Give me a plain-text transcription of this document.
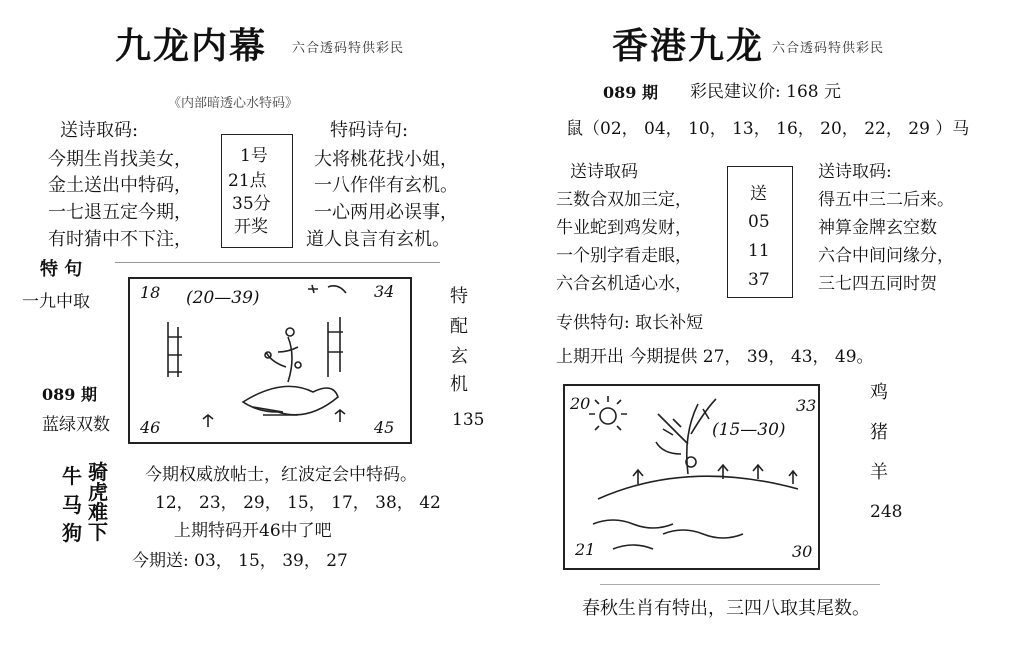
九龙内幕 六合透码特供彩民
《内部暗透心水特码》
送诗取码:	特码诗句:
今期生肖找美女，
金土送出中特码，
一七退五定今期，
有时猜中不下注，
1号
21点
35分
开奖
大将桃花找小姐，
一八作伴有玄机。
一心两用必误事，
道人良言有玄机。
特 句
一九中取
089 期
蓝绿双数
18	34
46	45
(20—39)	特
配
玄
机
135
牛
马
狗
骑
虎
难
下
今期权威放帖士，红波定会中特码。
12， 23， 29， 15， 17， 38， 42
上期特码开46中了吧
今期送: 03， 15， 39， 27
香港九龙 六合透码特供彩民
089 期 彩民建议价: 168 元
鼠（02， 04， 10， 13， 16， 20， 22， 29 ）马
送诗取码	送诗取码:
三数合双加三定，
牛业蛇到鸡发财，
一个别字看走眼，
六合玄机适心水，
送
05
11
37
得五中三二后来。
神算金牌玄空数
六合中间问缘分，
三七四五同时贺
专供特句: 取长补短
上期开出 今期提供 27， 39， 43， 49。
20	33
21	30
(15—30)
鸡
猪
羊
248
春秋生肖有特出，三四八取其尾数。
